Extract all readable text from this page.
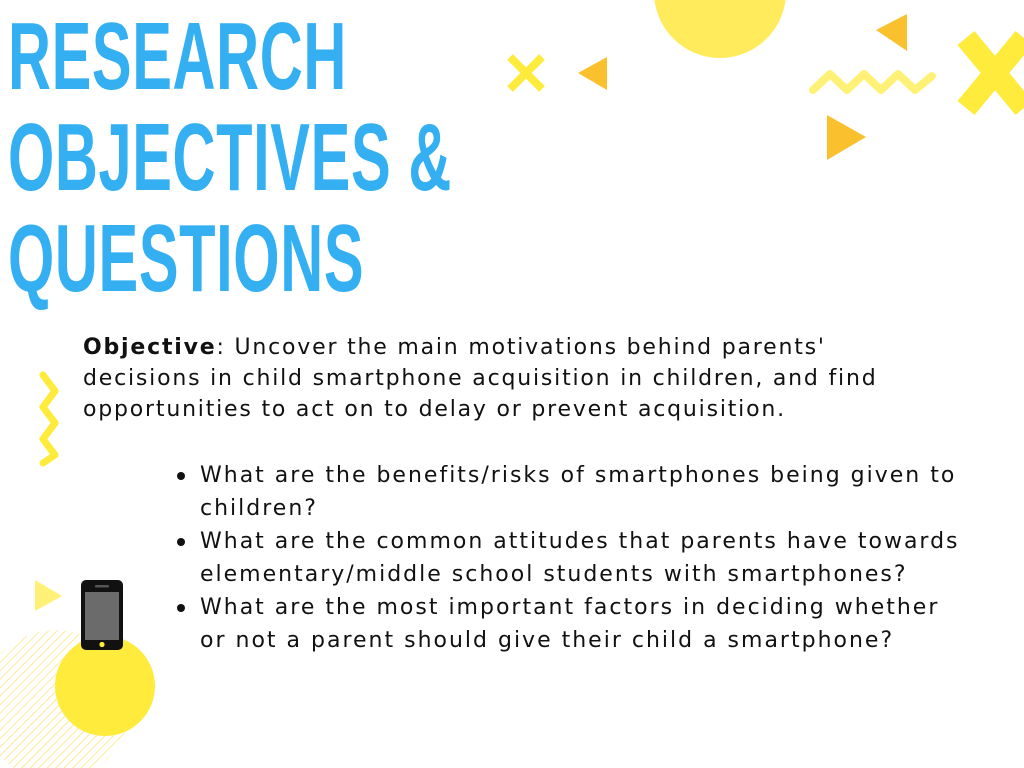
RESEARCH
OBJECTIVES &
QUESTIONS

Objective: Uncover the main motivations behind parents' decisions in child smartphone acquisition in children, and find opportunities to act on to delay or prevent acquisition.

What are the benefits/risks of smartphones being given to children?
What are the common attitudes that parents have towards elementary/middle school students with smartphones?
What are the most important factors in deciding whether or not a parent should give their child a smartphone?
